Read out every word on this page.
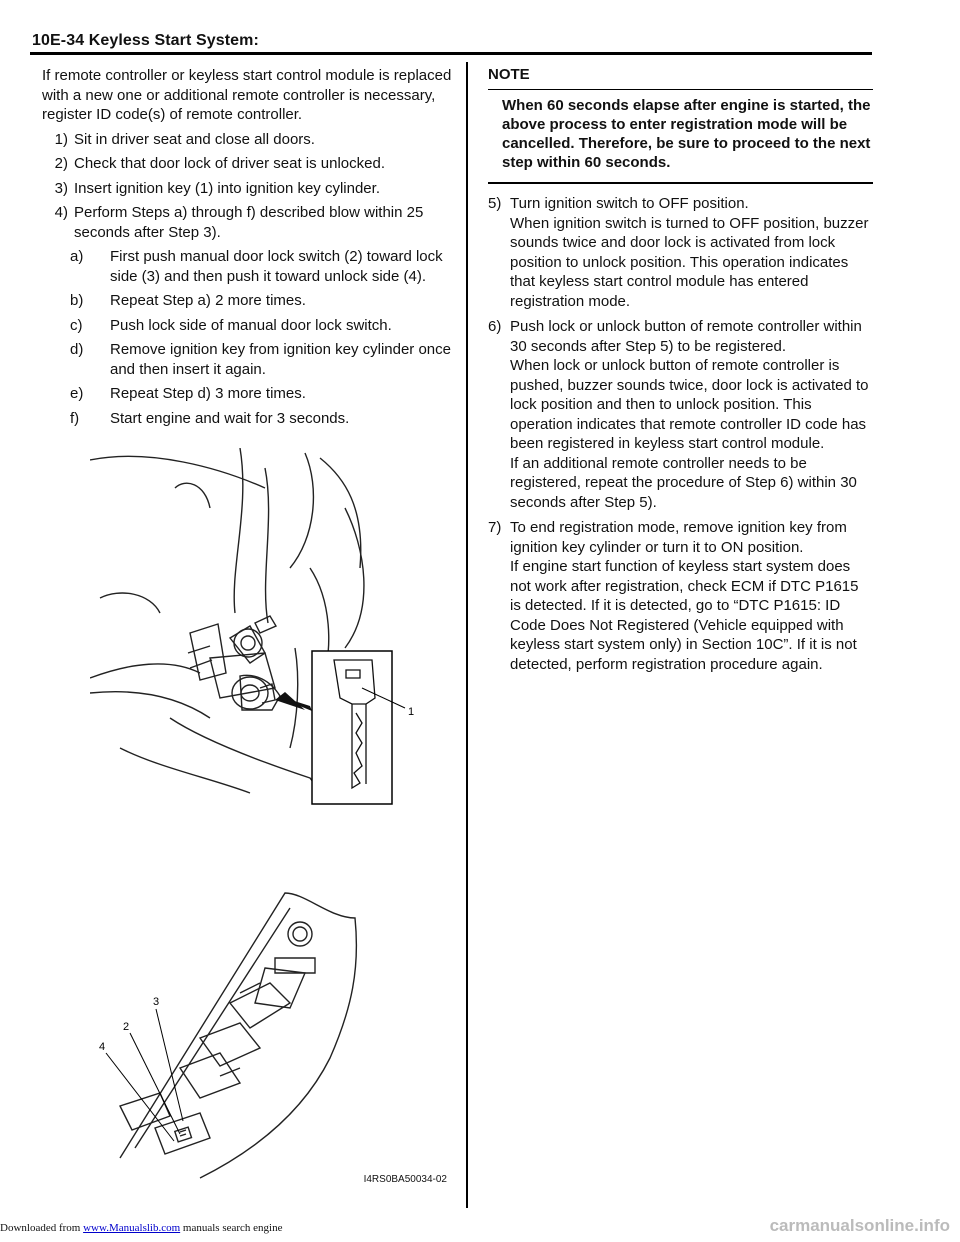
10E-34 Keyless Start System:

If remote controller or keyless start control module is replaced with a new one or additional remote controller is necessary, register ID code(s) of remote controller.

1) Sit in driver seat and close all doors.
2) Check that door lock of driver seat is unlocked.
3) Insert ignition key (1) into ignition key cylinder.
4) Perform Steps a) through f) described blow within 25 seconds after Step 3).
a)	First push manual door lock switch (2) toward lock side (3) and then push it toward unlock side (4).
b)	Repeat Step a) 2 more times.
c)	Push lock side of manual door lock switch.
d)	Remove ignition key from ignition key cylinder once and then insert it again.
e)	Repeat Step d) 3 more times.
f)	Start engine and wait for 3 seconds.
1
3
2
4
I4RS0BA50034-02
NOTE
When 60 seconds elapse after engine is started, the above process to enter registration mode will be cancelled. Therefore, be sure to proceed to the next step within 60 seconds.
5) Turn ignition switch to OFF position.
When ignition switch is turned to OFF position, buzzer sounds twice and door lock is activated from lock position to unlock position. This operation indicates that keyless start control module has entered registration mode.
6) Push lock or unlock button of remote controller within 30 seconds after Step 5) to be registered.
When lock or unlock button of remote controller is pushed, buzzer sounds twice, door lock is activated to lock position and then to unlock position. This operation indicates that remote controller ID code has been registered in keyless start control module.
If an additional remote controller needs to be registered, repeat the procedure of Step 6) within 30 seconds after Step 5).
7) To end registration mode, remove ignition key from ignition key cylinder or turn it to ON position.
If engine start function of keyless start system does not work after registration, check ECM if DTC P1615 is detected. If it is detected, go to “DTC P1615: ID Code Does Not Registered (Vehicle equipped with keyless start system only) in Section 10C”. If it is not detected, perform registration procedure again.
Downloaded from www.Manualslib.com manuals search engine	carmanualsonline.info
